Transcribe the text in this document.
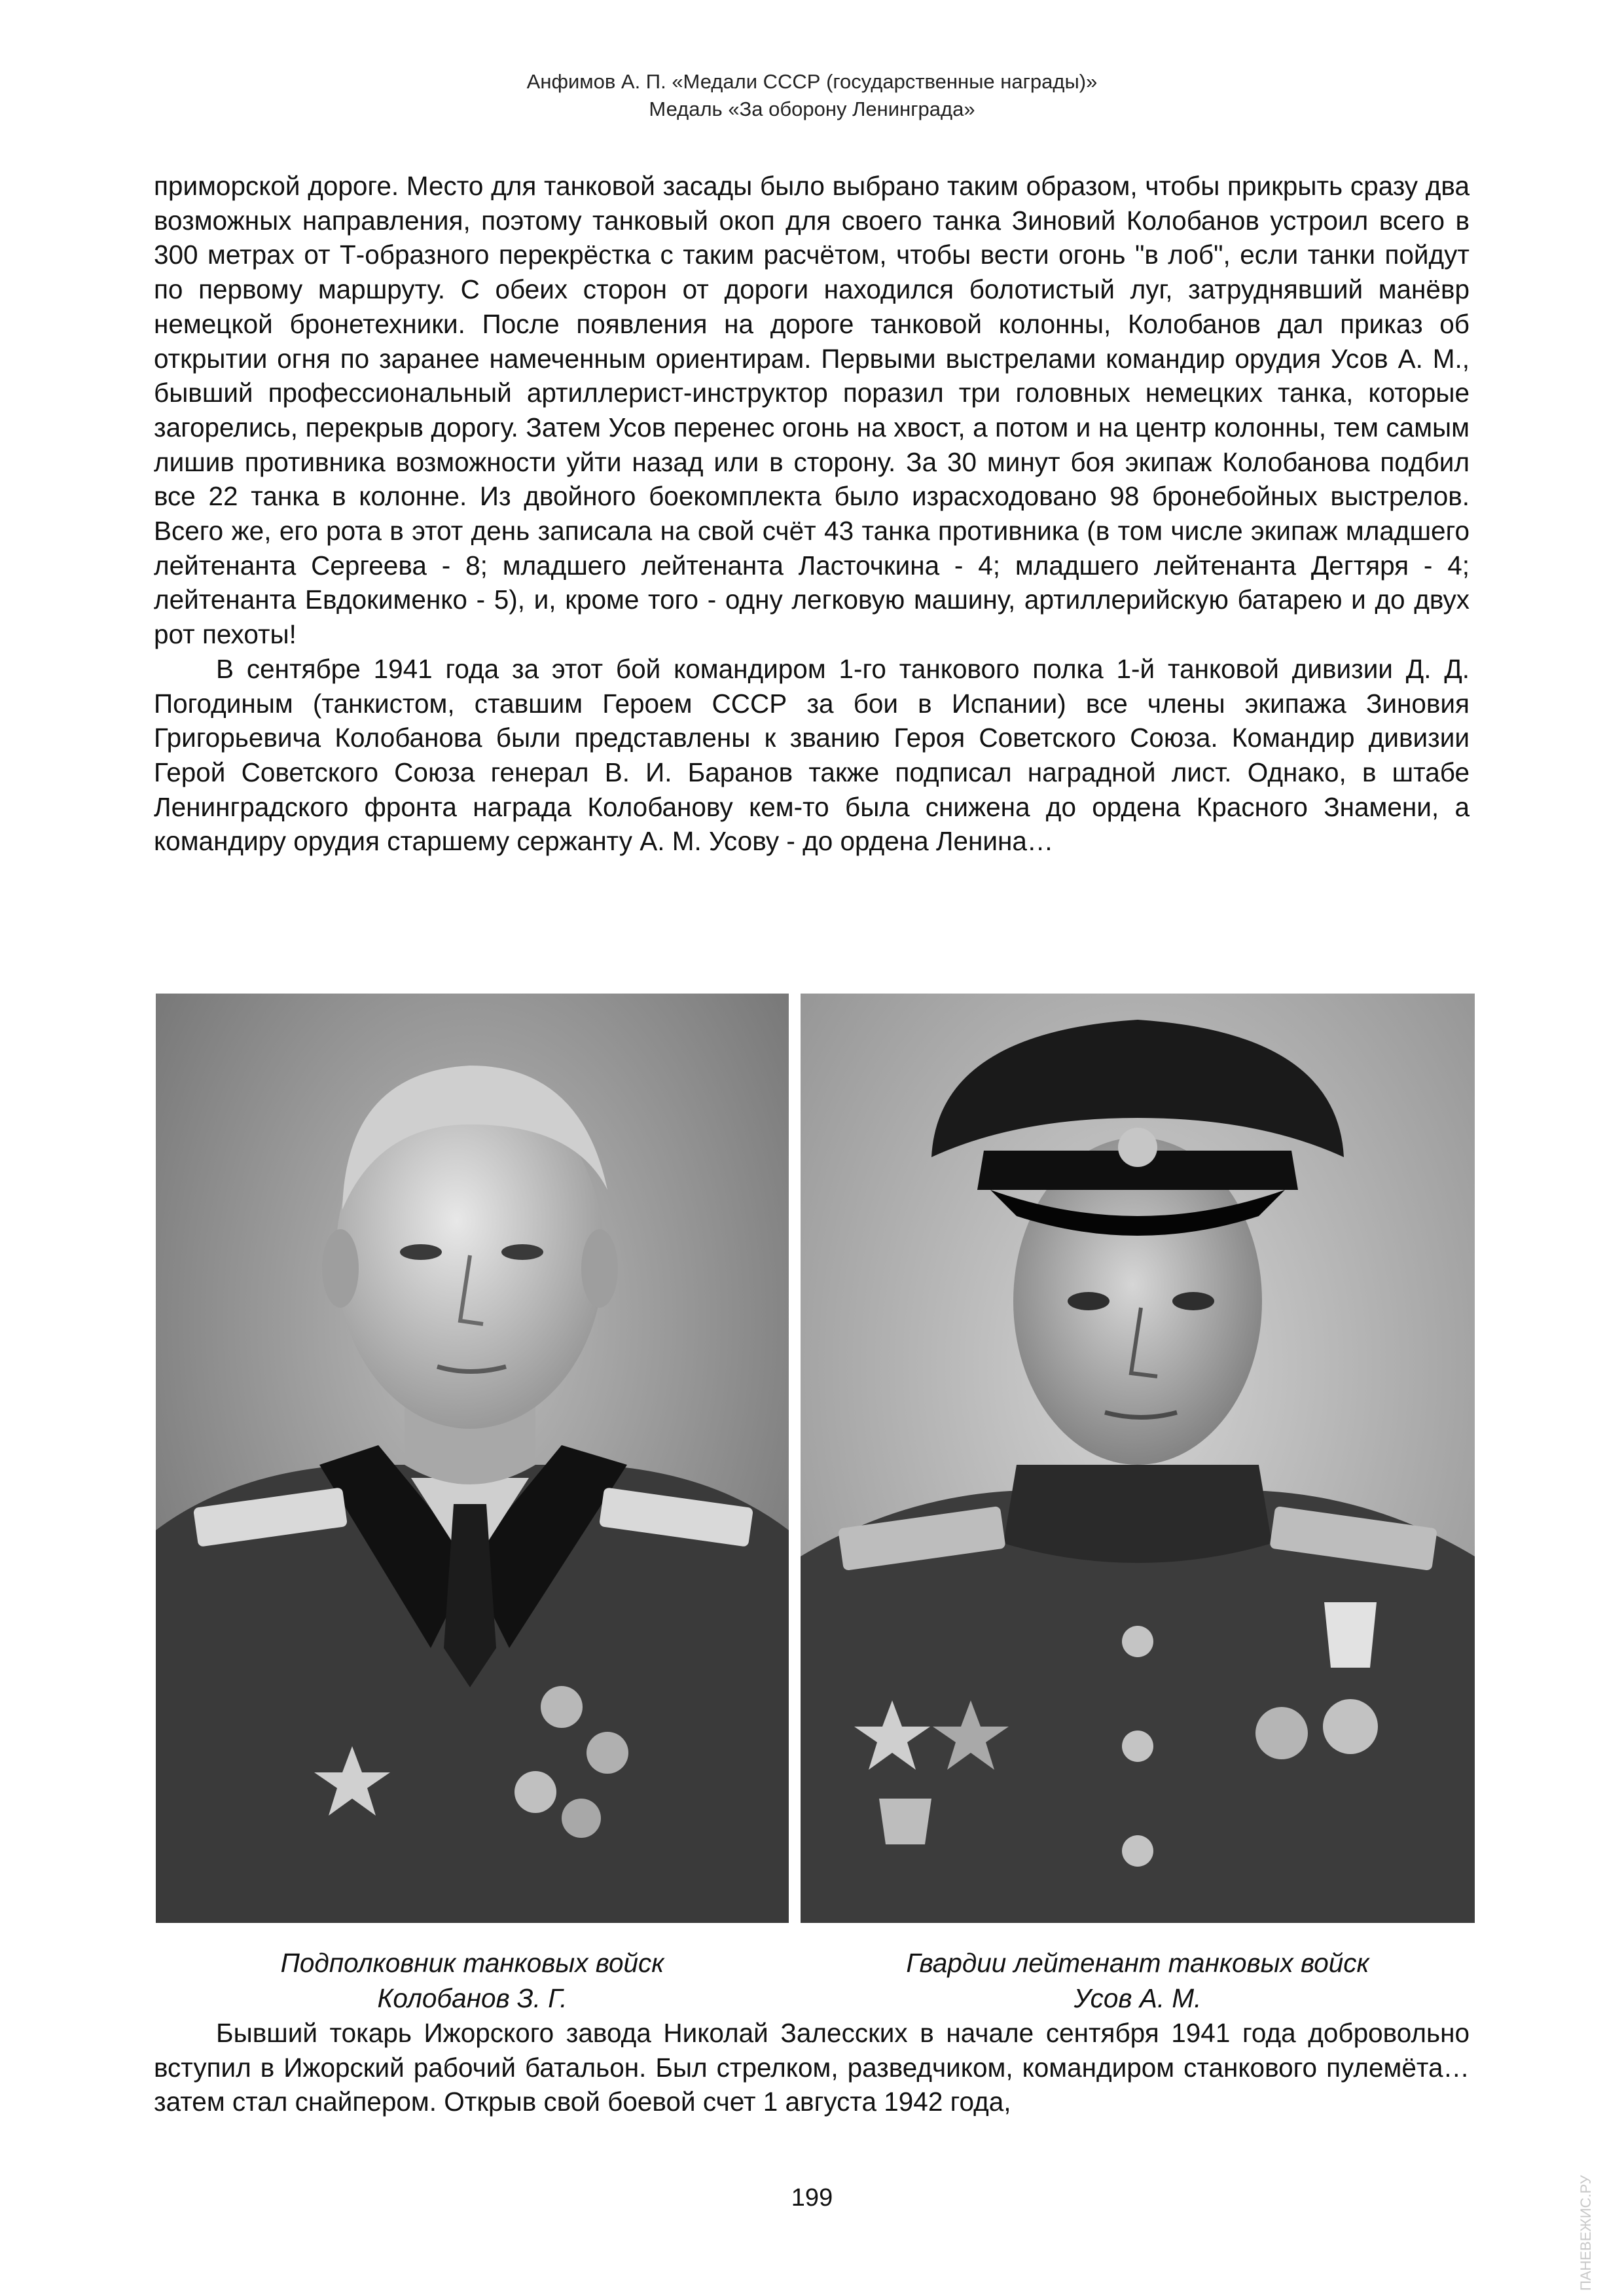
Анфимов А. П. «Медали СССР (государственные награды)»
Медаль «За оборону Ленинграда»

приморской дороге. Место для танковой засады было выбрано таким образом, чтобы прикрыть сразу два возможных направления, поэтому танковый окоп для своего танка Зиновий Колобанов устроил всего в 300 метрах от Т-образного перекрёстка с таким расчётом, чтобы вести огонь "в лоб", если танки пойдут по первому маршруту. С обеих сторон от дороги находился болотистый луг, затруднявший манёвр немецкой бронетехники. После появления на дороге танковой колонны, Колобанов дал приказ об открытии огня по заранее намеченным ориентирам. Первыми выстрелами командир орудия Усов А. М., бывший профессиональный артиллерист-инструктор поразил три головных немецких танка, которые загорелись, перекрыв дорогу. Затем Усов перенес огонь на хвост, а потом и на центр колонны, тем самым лишив противника возможности уйти назад или в сторону. За 30 минут боя экипаж Колобанова подбил все 22 танка в колонне. Из двойного боекомплекта было израсходовано 98 бронебойных выстрелов. Всего же, его рота в этот день записала на свой счёт 43 танка противника (в том числе экипаж младшего лейтенанта Сергеева - 8; младшего лейтенанта Ласточкина - 4; младшего лейтенанта Дегтяря - 4; лейтенанта Евдокименко - 5), и, кроме того - одну легковую машину, артиллерийскую батарею и до двух рот пехоты!

В сентябре 1941 года за этот бой командиром 1-го танкового полка 1-й танковой дивизии Д. Д. Погодиным (танкистом, ставшим Героем СССР за бои в Испании) все члены экипажа Зиновия Григорьевича Колобанова были представлены к званию Героя Советского Союза. Командир дивизии Герой Советского Союза генерал В. И. Баранов также подписал наградной лист. Однако, в штабе Ленинградского фронта награда Колобанову кем-то была снижена до ордена Красного Знамени, а командиру орудия старшему сержанту А. М. Усову - до ордена Ленина…

Подполковник танковых войск
Колобанов З. Г.
Гвардии лейтенант танковых войск
Усов А. М.

Бывший токарь Ижорского завода Николай Залесских в начале сентября 1941 года добровольно вступил в Ижорский рабочий батальон. Был стрелком, разведчиком, командиром станкового пулемёта… затем стал снайпером. Открыв свой боевой счет 1 августа 1942 года,

199	ПАНЕВЕЖИС.РУ
